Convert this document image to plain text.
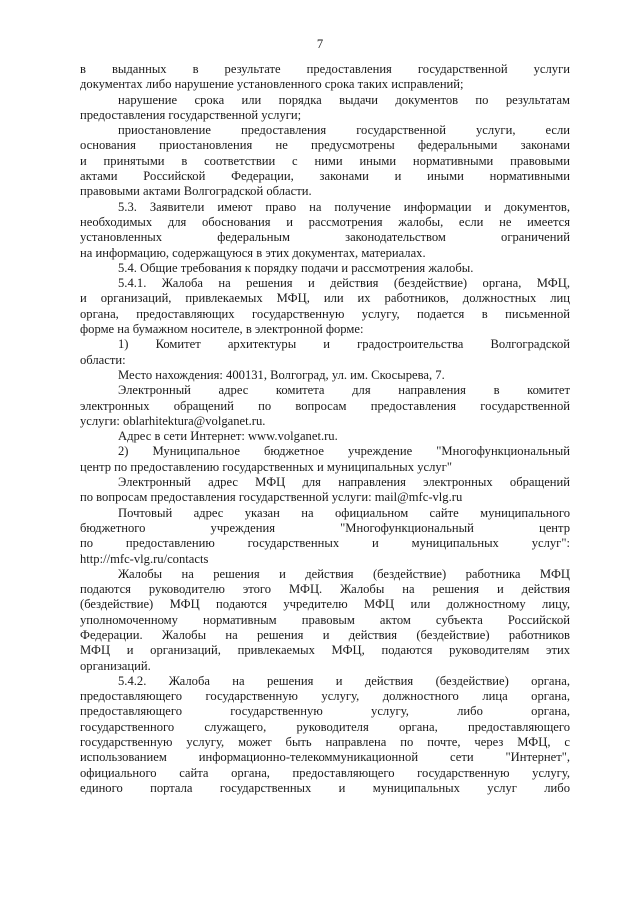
7
в выданных в результате предоставления государственной услуги
документах либо нарушение установленного срока таких исправлений;
нарушение срока или порядка выдачи документов по результатам
предоставления государственной услуги;
приостановление предоставления государственной услуги, если
основания приостановления не предусмотрены федеральными законами
и принятыми в соответствии с ними иными нормативными правовыми
актами Российской Федерации, законами и иными нормативными
правовыми актами Волгоградской области.
5.3. Заявители имеют право на получение информации и документов,
необходимых для обоснования и рассмотрения жалобы, если не имеется
установленных федеральным законодательством ограничений
на информацию, содержащуюся в этих документах, материалах.
5.4. Общие требования к порядку подачи и рассмотрения жалобы.
5.4.1. Жалоба на решения и действия (бездействие) органа, МФЦ,
и организаций, привлекаемых МФЦ, или их работников, должностных лиц
органа, предоставляющих государственную услугу, подается в письменной
форме на бумажном носителе, в электронной форме:
1) Комитет архитектуры и градостроительства Волгоградской
области:
Место нахождения: 400131, Волгоград, ул. им. Скосырева, 7.
Электронный адрес комитета для направления в комитет
электронных обращений по вопросам предоставления государственной
услуги: oblarhitektura@volganet.ru.
Адрес в сети Интернет: www.volganet.ru.
2) Муниципальное бюджетное учреждение "Многофункциональный
центр по предоставлению государственных и муниципальных услуг"
Электронный адрес МФЦ для направления электронных обращений
по вопросам предоставления государственной услуги: mail@mfc-vlg.ru
Почтовый адрес указан на официальном сайте муниципального
бюджетного учреждения "Многофункциональный центр
по предоставлению государственных и муниципальных услуг":
http://mfc-vlg.ru/contacts
Жалобы на решения и действия (бездействие) работника МФЦ
подаются руководителю этого МФЦ. Жалобы на решения и действия
(бездействие) МФЦ подаются учредителю МФЦ или должностному лицу,
уполномоченному нормативным правовым актом субъекта Российской
Федерации. Жалобы на решения и действия (бездействие) работников
МФЦ и организаций, привлекаемых МФЦ, подаются руководителям этих
организаций.
5.4.2. Жалоба на решения и действия (бездействие) органа,
предоставляющего государственную услугу, должностного лица органа,
предоставляющего государственную услугу, либо органа,
государственного служащего, руководителя органа, предоставляющего
государственную услугу, может быть направлена по почте, через МФЦ, с
использованием информационно-телекоммуникационной сети "Интернет",
официального сайта органа, предоставляющего государственную услугу,
единого портала государственных и муниципальных услуг либо
